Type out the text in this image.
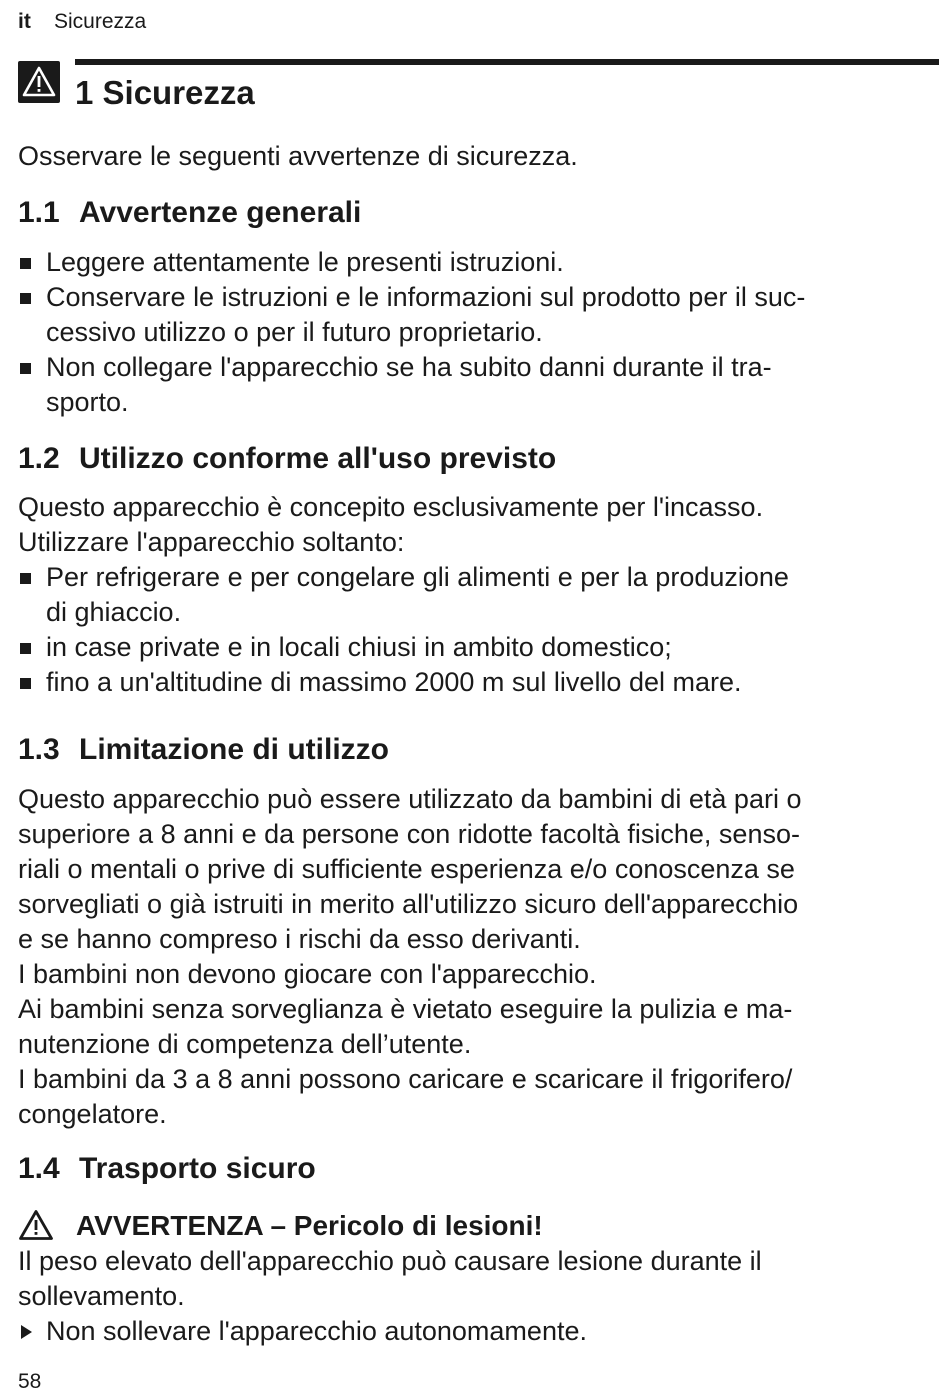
it Sicurezza
1 Sicurezza
Osservare le seguenti avvertenze di sicurezza.
1.1 Avvertenze generali
Leggere attentamente le presenti istruzioni.
Conservare le istruzioni e le informazioni sul prodotto per il suc-
cessivo utilizzo o per il futuro proprietario.
Non collegare l'apparecchio se ha subito danni durante il tra-
sporto.
1.2 Utilizzo conforme all'uso previsto
Questo apparecchio è concepito esclusivamente per l'incasso.
Utilizzare l'apparecchio soltanto:
Per refrigerare e per congelare gli alimenti e per la produzione
di ghiaccio.
in case private e in locali chiusi in ambito domestico;
fino a un'altitudine di massimo 2000 m sul livello del mare.
1.3 Limitazione di utilizzo
Questo apparecchio può essere utilizzato da bambini di età pari o
superiore a 8 anni e da persone con ridotte facoltà fisiche, senso-
riali o mentali o prive di sufficiente esperienza e/o conoscenza se
sorvegliati o già istruiti in merito all'utilizzo sicuro dell'apparecchio
e se hanno compreso i rischi da esso derivanti.
I bambini non devono giocare con l'apparecchio.
Ai bambini senza sorveglianza è vietato eseguire la pulizia e ma-
nutenzione di competenza dell’utente.
I bambini da 3 a 8 anni possono caricare e scaricare il frigorifero/
congelatore.
1.4 Trasporto sicuro
AVVERTENZA – Pericolo di lesioni!
Il peso elevato dell'apparecchio può causare lesione durante il
sollevamento.
Non sollevare l'apparecchio autonomamente.
58
